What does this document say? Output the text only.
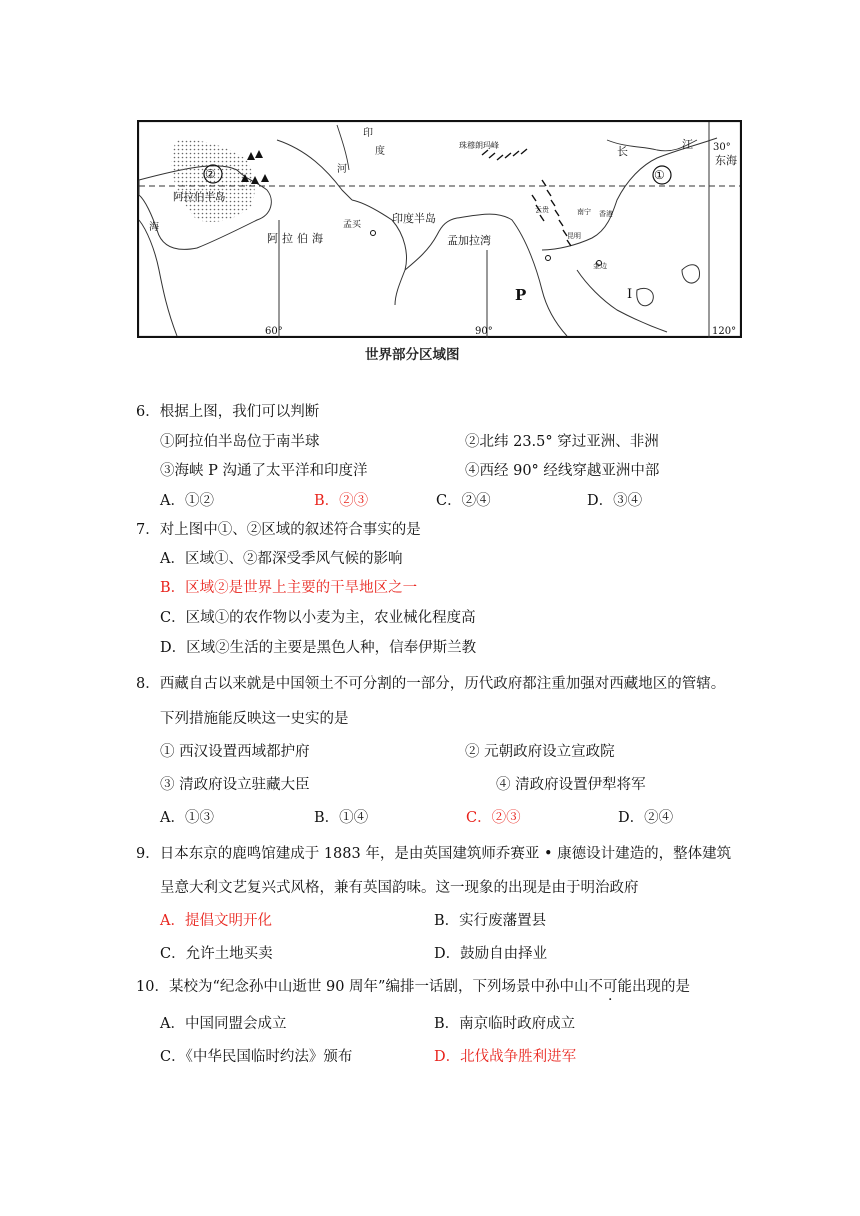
②	①
阿拉伯半岛
阿拉伯海
印度半岛
孟加拉湾
孟买
珠穆朗玛峰
P	I
30°
东海
60°	90°	120°
长
江
印
度
河
海
云贵	南宁
昆明
香港
金边
世界部分区域图
6．根据上图，我们可以判断
①阿拉伯半岛位于南半球	②北纬 23.5° 穿过亚洲、非洲
③海峡 P 沟通了太平洋和印度洋	④西经 90° 经线穿越亚洲中部
A．①②	B．②③	C．②④	D．③④
7．对上图中①、②区域的叙述符合事实的是
A．区域①、②都深受季风气候的影响
B．区域②是世界上主要的干旱地区之一
C．区域①的农作物以小麦为主，农业械化程度高
D．区域②生活的主要是黑色人种，信奉伊斯兰教
8．西藏自古以来就是中国领土不可分割的一部分，历代政府都注重加强对西藏地区的管辖。
下列措施能反映这一史实的是
① 西汉设置西域都护府	② 元朝政府设立宣政院
③ 清政府设立驻藏大臣	④ 清政府设置伊犁将军
A．①③	B．①④	C．②③	D．②④
9．日本东京的鹿鸣馆建成于 1883 年，是由英国建筑师乔赛亚 • 康德设计建造的，整体建筑
呈意大利文艺复兴式风格，兼有英国韵味。这一现象的出现是由于明治政府
A．提倡文明开化	B．实行废藩置县
C．允许土地买卖	D．鼓励自由择业
10．某校为“纪念孙中山逝世 90 周年”编排一话剧，下列场景中孙中山不可能出现的是
A．中国同盟会成立	B．南京临时政府成立
C．《中华民国临时约法》颁布	D．北伐战争胜利进军
